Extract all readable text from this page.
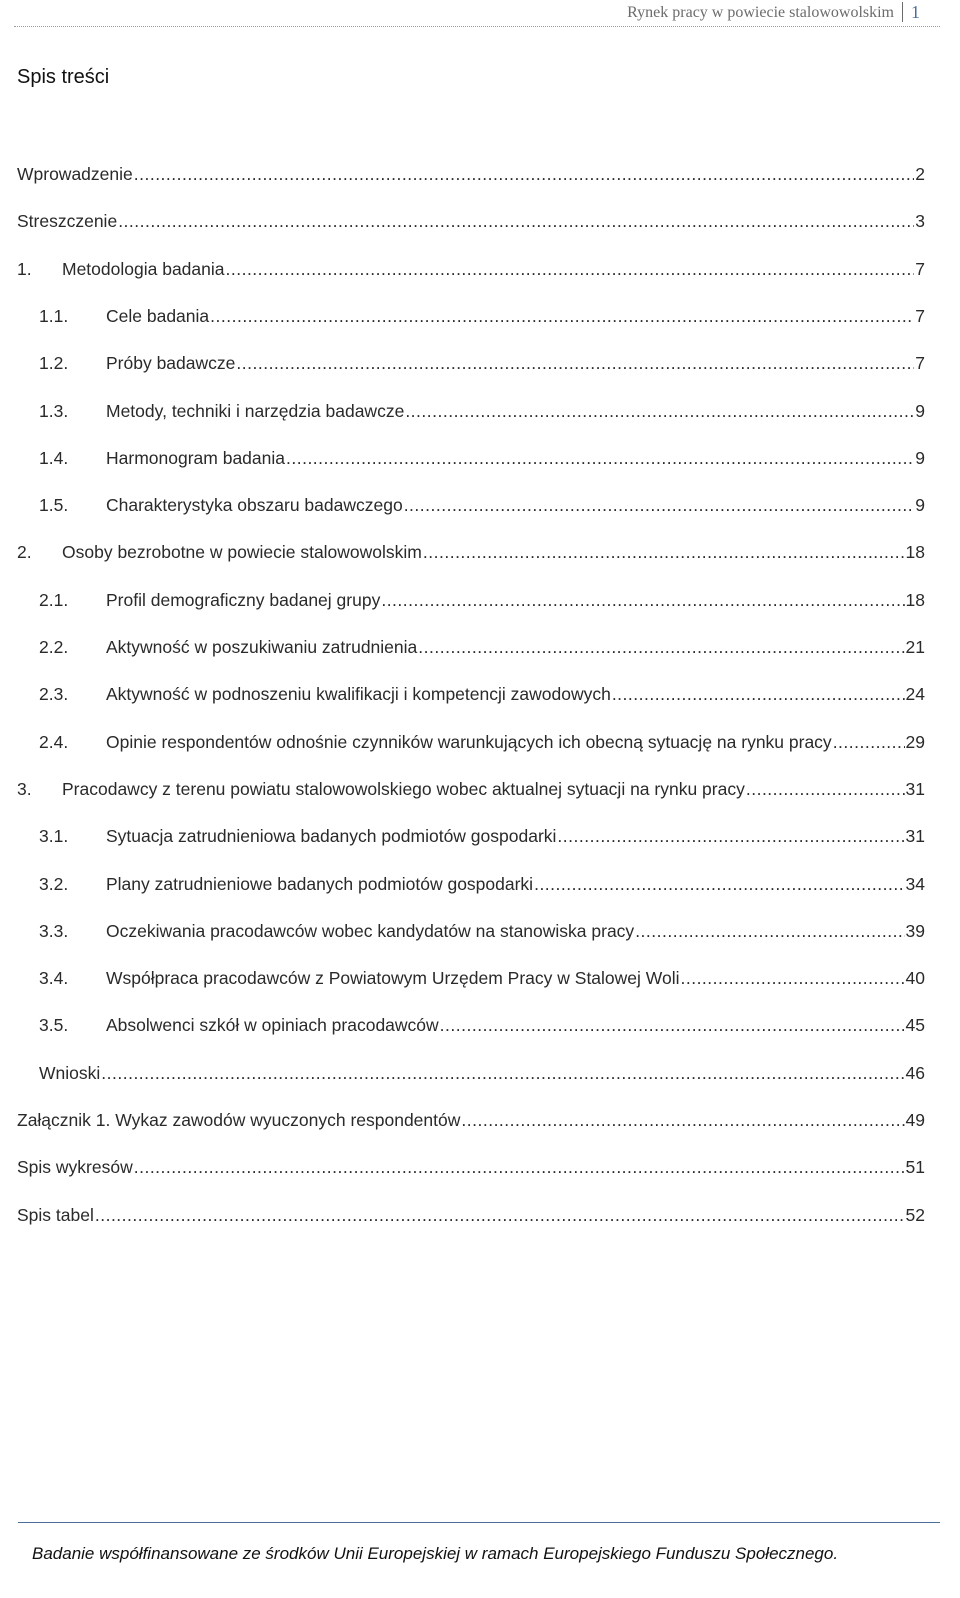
Rynek pracy w powiecie stalowowolskim 1
Spis treści
Wprowadzenie .....	2
Streszczenie .....	3
1. Metodologia badania .....	7
1.1. Cele badania .....	7
1.2. Próby badawcze .....	7
1.3. Metody, techniki i narzędzia badawcze .....	9
1.4. Harmonogram badania .....	9
1.5. Charakterystyka obszaru badawczego .....	9
2. Osoby bezrobotne w powiecie stalowowolskim .....	18
2.1. Profil demograficzny badanej grupy .....	18
2.2. Aktywność w poszukiwaniu zatrudnienia .....	21
2.3. Aktywność w podnoszeniu kwalifikacji i kompetencji zawodowych .....	24
2.4. Opinie respondentów odnośnie czynników warunkujących ich obecną sytuację na rynku pracy .....	29
3. Pracodawcy z terenu powiatu stalowowolskiego wobec aktualnej sytuacji na rynku pracy .....	31
3.1. Sytuacja zatrudnieniowa badanych podmiotów gospodarki .....	31
3.2. Plany zatrudnieniowe badanych podmiotów gospodarki .....	34
3.3. Oczekiwania pracodawców wobec kandydatów na stanowiska pracy .....	39
3.4. Współpraca pracodawców z Powiatowym Urzędem Pracy w Stalowej Woli .....	40
3.5. Absolwenci szkół w opiniach pracodawców .....	45
Wnioski .....	46
Załącznik 1. Wykaz zawodów wyuczonych respondentów .....	49
Spis wykresów .....	51
Spis tabel .....	52
Badanie współfinansowane ze środków Unii Europejskiej w ramach Europejskiego Funduszu Społecznego.
